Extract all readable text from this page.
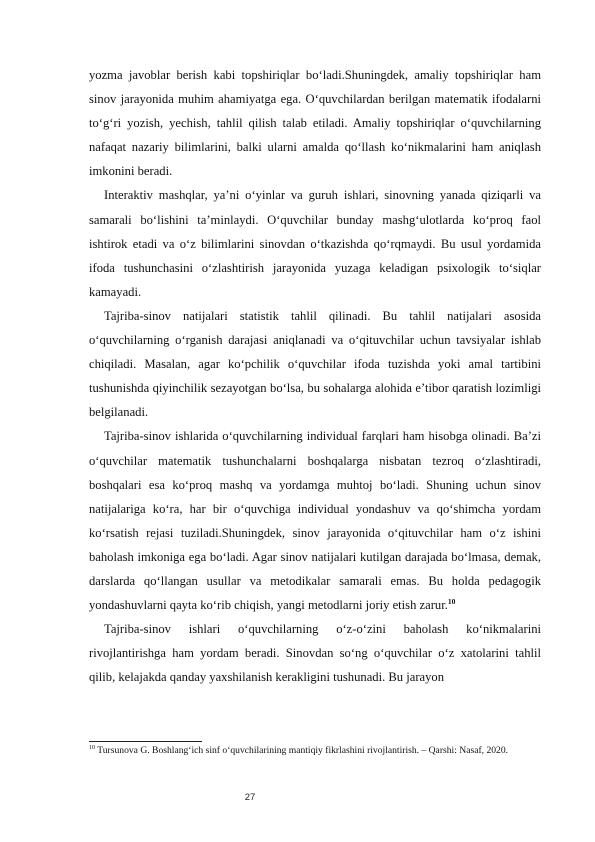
yozma javoblar berish kabi topshiriqlar bo‘ladi.Shuningdek, amaliy topshiriqlar ham sinov jarayonida muhim ahamiyatga ega. O‘quvchilardan berilgan matematik ifodalarni to‘g‘ri yozish, yechish, tahlil qilish talab etiladi. Amaliy topshiriqlar o‘quvchilarning nafaqat nazariy bilimlarini, balki ularni amalda qo‘llash ko‘nikmalarini ham aniqlash imkonini beradi.

Interaktiv mashqlar, ya’ni o‘yinlar va guruh ishlari, sinovning yanada qiziqarli va samarali bo‘lishini ta’minlaydi. O‘quvchilar bunday mashg‘ulotlarda ko‘proq faol ishtirok etadi va o‘z bilimlarini sinovdan o‘tkazishda qo‘rqmaydi. Bu usul yordamida ifoda tushunchasini o‘zlashtirish jarayonida yuzaga keladigan psixologik to‘siqlar kamayadi.

Tajriba-sinov natijalari statistik tahlil qilinadi. Bu tahlil natijalari asosida o‘quvchilarning o‘rganish darajasi aniqlanadi va o‘qituvchilar uchun tavsiyalar ishlab chiqiladi. Masalan, agar ko‘pchilik o‘quvchilar ifoda tuzishda yoki amal tartibini tushunishda qiyinchilik sezayotgan bo‘lsa, bu sohalarga alohida e’tibor qaratish lozimligi belgilanadi.

Tajriba-sinov ishlarida o‘quvchilarning individual farqlari ham hisobga olinadi. Ba’zi o‘quvchilar matematik tushunchalarni boshqalarga nisbatan tezroq o‘zlashtiradi, boshqalari esa ko‘proq mashq va yordamga muhtoj bo‘ladi. Shuning uchun sinov natijalariga ko‘ra, har bir o‘quvchiga individual yondashuv va qo‘shimcha yordam ko‘rsatish rejasi tuziladi.Shuningdek, sinov jarayonida o‘qituvchilar ham o‘z ishini baholash imkoniga ega bo‘ladi. Agar sinov natijalari kutilgan darajada bo‘lmasa, demak, darslarda qo‘llangan usullar va metodikalar samarali emas. Bu holda pedagogik yondashuvlarni qayta ko‘rib chiqish, yangi metodlarni joriy etish zarur.$^{10}$

Tajriba-sinov ishlari o‘quvchilarning o‘z-o‘zini baholash ko‘nikmalarini rivojlantirishga ham yordam beradi. Sinovdan so‘ng o‘quvchilar o‘z xatolarini tahlil qilib, kelajakda qanday yaxshilanish kerakligini tushunadi. Bu jarayon

$^{10}$ Tursunova G. Boshlang‘ich sinf o‘quvchilarining mantiqiy fikrlashini rivojlantirish. – Qarshi: Nasaf, 2020.
27
